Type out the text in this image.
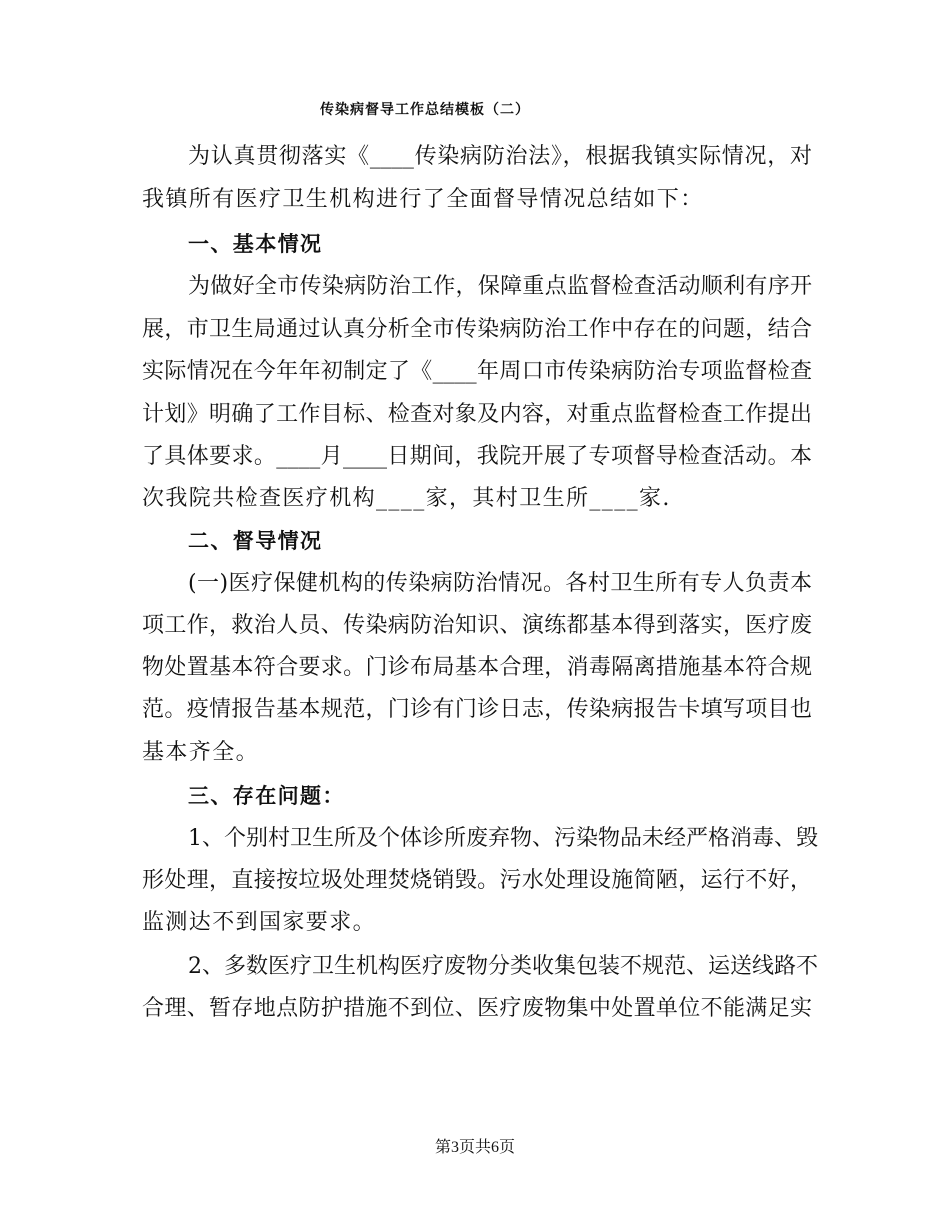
传染病督导工作总结模板（二）
为认真贯彻落实《____传染病防治法》，根据我镇实际情况，对
我镇所有医疗卫生机构进行了全面督导情况总结如下：
一、基本情况
为做好全市传染病防治工作，保障重点监督检查活动顺利有序开
展，市卫生局通过认真分析全市传染病防治工作中存在的问题，结合
实际情况在今年年初制定了《____年周口市传染病防治专项监督检查
计划》明确了工作目标、检查对象及内容，对重点监督检查工作提出
了具体要求。____月____日期间，我院开展了专项督导检查活动。本
次我院共检查医疗机构____家，其村卫生所____家.
二、督导情况
(一)医疗保健机构的传染病防治情况。各村卫生所有专人负责本
项工作，救治人员、传染病防治知识、演练都基本得到落实，医疗废
物处置基本符合要求。门诊布局基本合理，消毒隔离措施基本符合规
范。疫情报告基本规范，门诊有门诊日志，传染病报告卡填写项目也
基本齐全。
三、存在问题：
1、个别村卫生所及个体诊所废弃物、污染物品未经严格消毒、毁
形处理，直接按垃圾处理焚烧销毁。污水处理设施简陋，运行不好，
监测达不到国家要求。
2、多数医疗卫生机构医疗废物分类收集包装不规范、运送线路不
合理、暂存地点防护措施不到位、医疗废物集中处置单位不能满足实
第3页共6页
